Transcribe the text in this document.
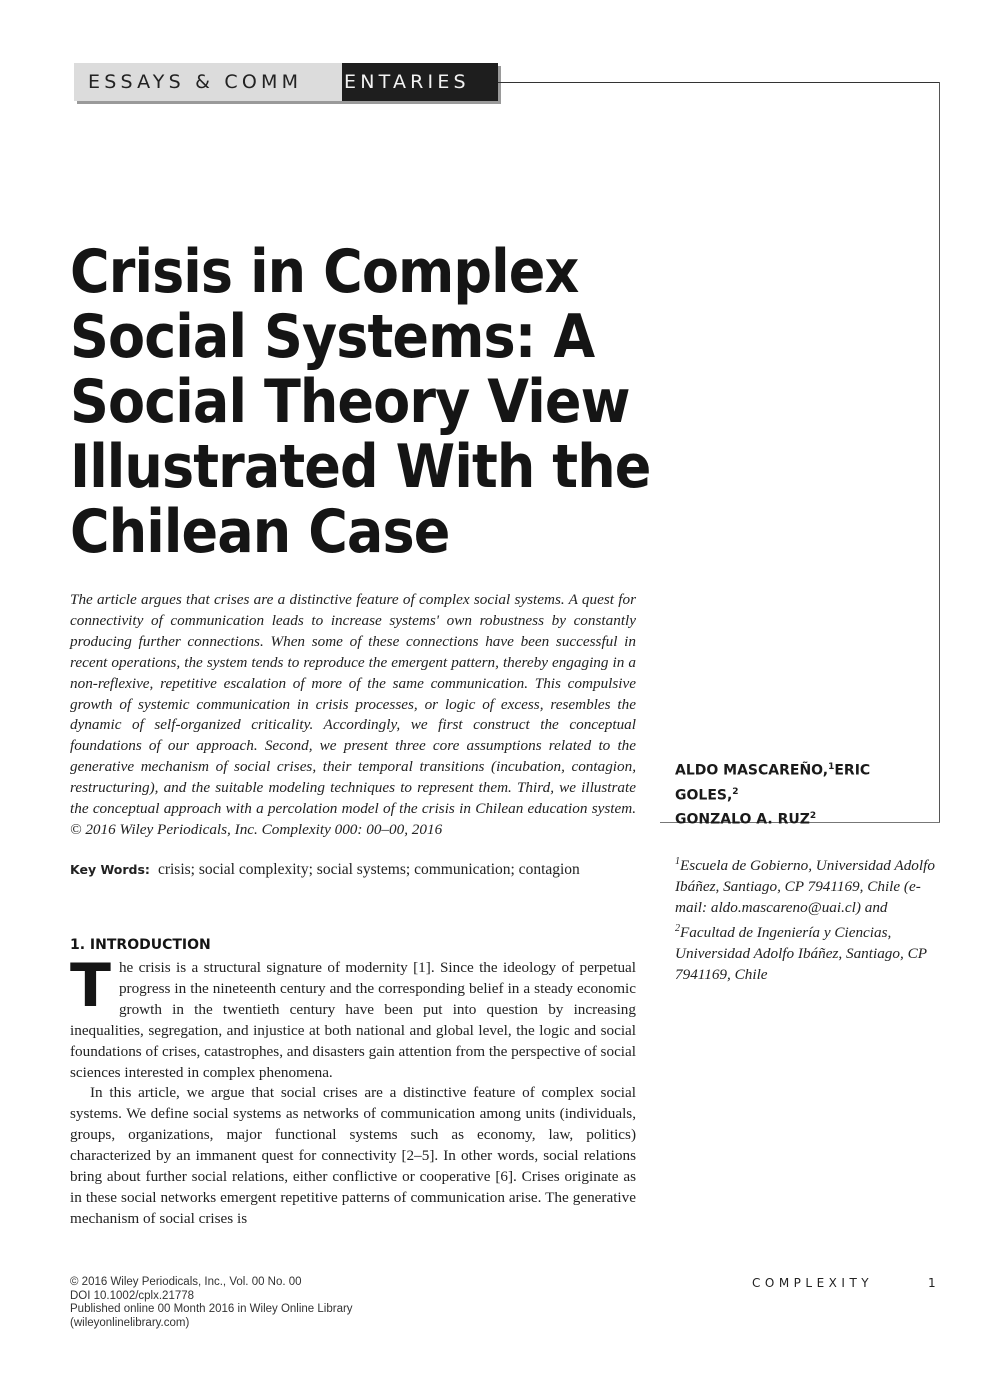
ESSAYS & COMM	ENTARIES
Crisis in Complex Social Systems: A Social Theory View Illustrated With the Chilean Case

The article argues that crises are a distinctive feature of complex social systems. A quest for connectivity of communication leads to increase systems' own robustness by constantly producing further connections. When some of these connections have been successful in recent operations, the system tends to reproduce the emergent pattern, thereby engaging in a non-reflexive, repetitive escalation of more of the same communication. This compulsive growth of systemic communication in crisis processes, or logic of excess, resembles the dynamic of self-organized criticality. Accordingly, we first construct the conceptual foundations of our approach. Second, we present three core assumptions related to the generative mechanism of social crises, their temporal transitions (incubation, contagion, restructuring), and the suitable modeling techniques to represent them. Third, we illustrate the conceptual approach with a percolation model of the crisis in Chilean education system. © 2016 Wiley Periodicals, Inc. Complexity 000: 00–00, 2016

ALDO MASCAREÑO,$^1$ERIC GOLES,$^2$
GONZALO A. RUZ$^2$
$^1$Escuela de Gobierno, Universidad Adolfo Ibáñez, Santiago, CP 7941169, Chile (e-mail: aldo.mascareno@uai.cl) and $^2$Facultad de Ingeniería y Ciencias, Universidad Adolfo Ibáñez, Santiago, CP 7941169, Chile
Key Words: crisis; social complexity; social systems; communication; contagion
1. INTRODUCTION

The crisis is a structural signature of modernity [1]. Since the ideology of perpetual progress in the nineteenth century and the corresponding belief in a steady economic growth in the twentieth century have been put into question by increasing inequalities, segregation, and injustice at both national and global level, the logic and social foundations of crises, catastrophes, and disasters gain attention from the perspective of social sciences interested in complex phenomena.

In this article, we argue that social crises are a distinctive feature of complex social systems. We define social systems as networks of communication among units (individuals, groups, organizations, major functional systems such as economy, law, politics) characterized by an immanent quest for connectivity [2–5]. In other words, social relations bring about further social relations, either conflictive or cooperative [6]. Crises originate as in these social networks emergent repetitive patterns of communication arise. The generative mechanism of social crises is

© 2016 Wiley Periodicals, Inc., Vol. 00 No. 00
DOI 10.1002/cplx.21778
Published online 00 Month 2016 in Wiley Online Library
(wileyonlinelibrary.com)
COMPLEXITY	1
